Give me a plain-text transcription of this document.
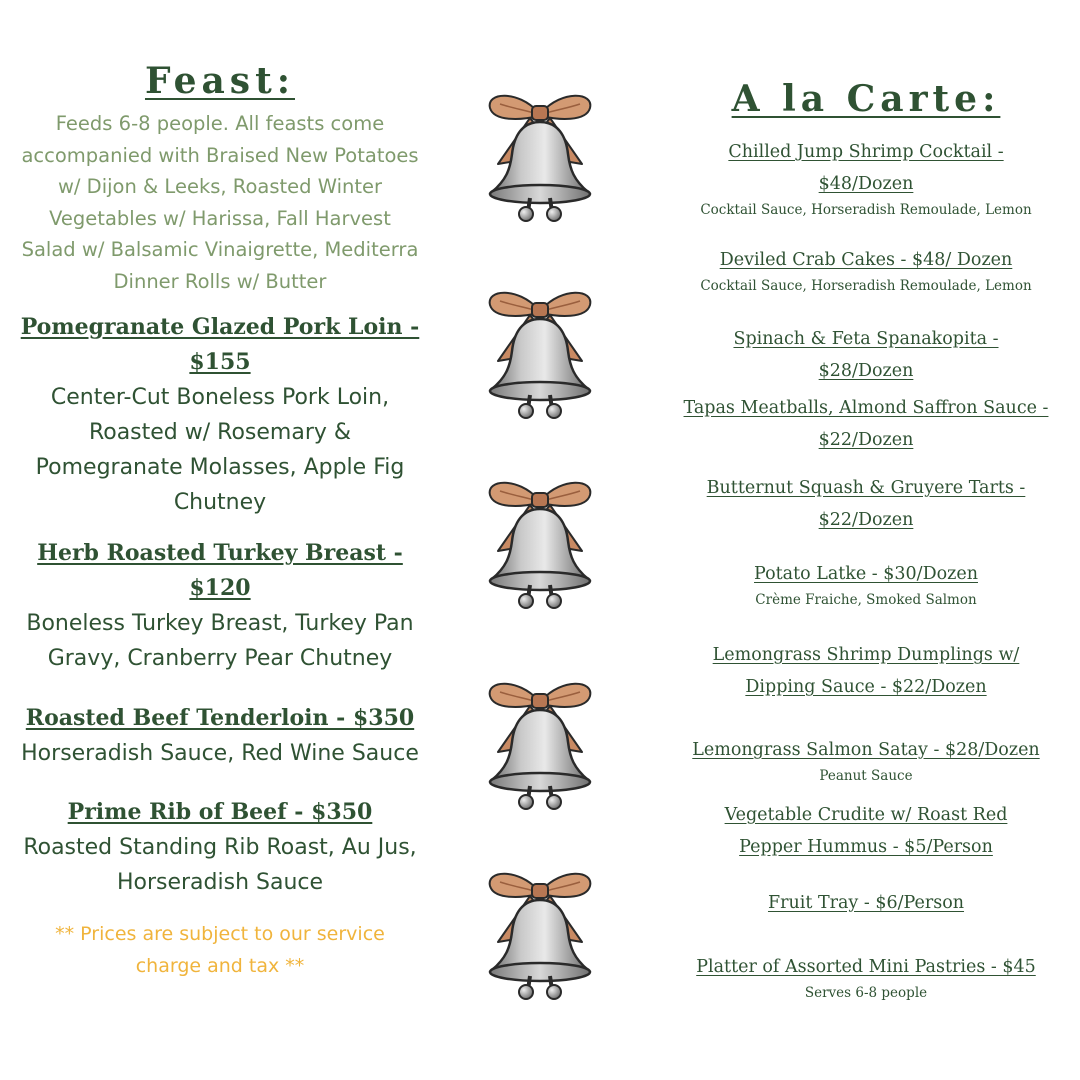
Feast:

Feeds 6-8 people. All feasts come accompanied with Braised New Potatoes w/ Dijon & Leeks, Roasted Winter Vegetables w/ Harissa, Fall Harvest Salad w/ Balsamic Vinaigrette, Mediterra Dinner Rolls w/ Butter

Pomegranate Glazed Pork Loin - $155
Center-Cut Boneless Pork Loin, Roasted w/ Rosemary & Pomegranate Molasses, Apple Fig Chutney
Herb Roasted Turkey Breast - $120
Boneless Turkey Breast, Turkey Pan Gravy, Cranberry Pear Chutney
Roasted Beef Tenderloin - $350
Horseradish Sauce, Red Wine Sauce
Prime Rib of Beef - $350
Roasted Standing Rib Roast, Au Jus, Horseradish Sauce
** Prices are subject to our service charge and tax **
A la Carte:
Chilled Jump Shrimp Cocktail - $48/Dozen
Cocktail Sauce, Horseradish Remoulade, Lemon
Deviled Crab Cakes - $48/ Dozen
Cocktail Sauce, Horseradish Remoulade, Lemon
Spinach & Feta Spanakopita - $28/Dozen
Tapas Meatballs, Almond Saffron Sauce - $22/Dozen
Butternut Squash & Gruyere Tarts - $22/Dozen
Potato Latke - $30/Dozen
Crème Fraiche, Smoked Salmon
Lemongrass Shrimp Dumplings w/ Dipping Sauce - $22/Dozen
Lemongrass Salmon Satay - $28/Dozen
Peanut Sauce
Vegetable Crudite w/ Roast Red Pepper Hummus - $5/Person
Fruit Tray - $6/Person
Platter of Assorted Mini Pastries - $45
Serves 6-8 people
